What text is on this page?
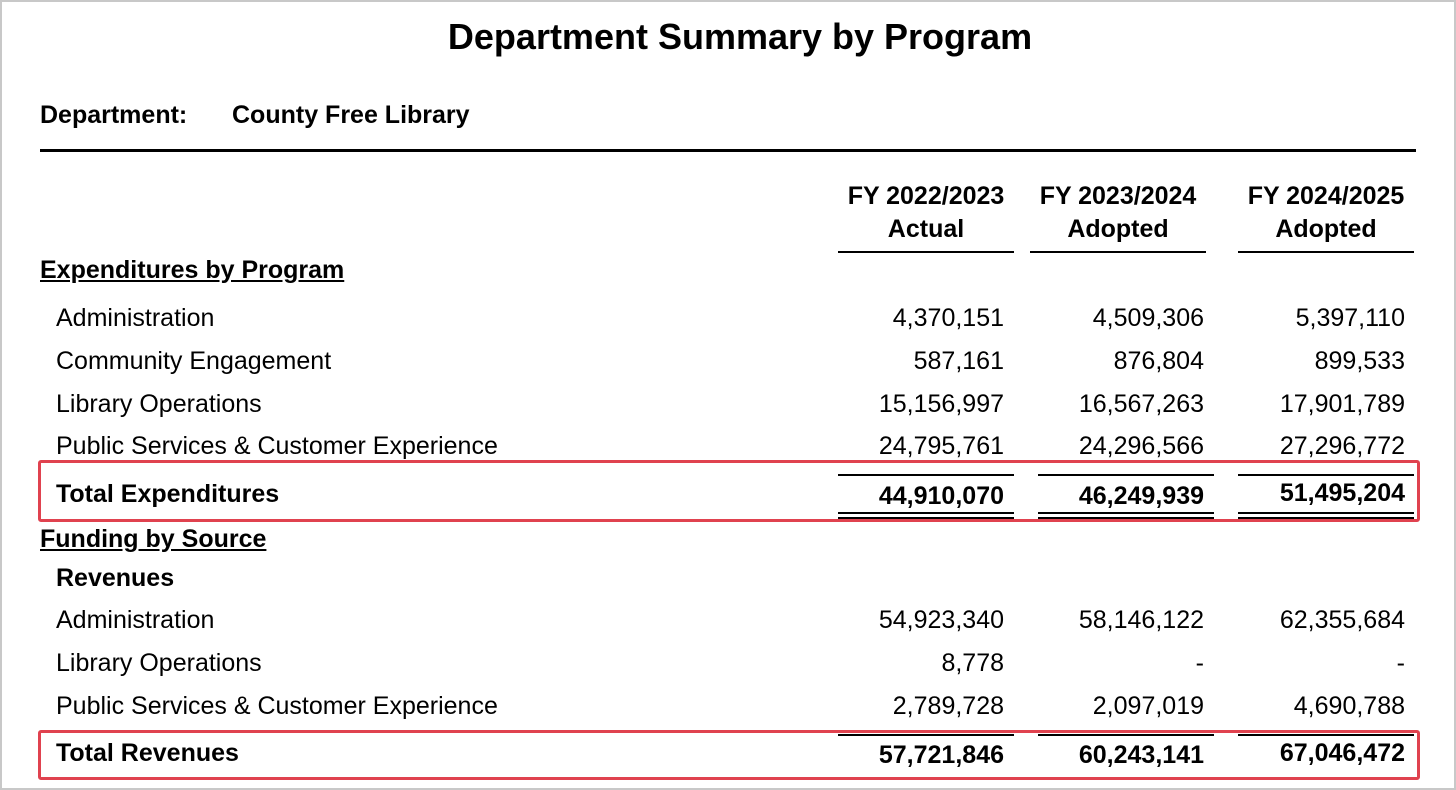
Department Summary by Program
Department: County Free Library
FY 2022/2023
Actual
FY 2023/2024
Adopted
FY 2024/2025
Adopted
Expenditures by Program
Administration	4,370,151	4,509,306	5,397,110
Community Engagement	587,161	876,804	899,533
Library Operations	15,156,997	16,567,263	17,901,789
Public Services & Customer Experience	24,795,761	24,296,566	27,296,772
Total Expenditures	44,910,070	46,249,939	51,495,204
Funding by Source
Revenues
Administration	54,923,340	58,146,122	62,355,684
Library Operations	8,778	-	-
Public Services & Customer Experience	2,789,728	2,097,019	4,690,788
Total Revenues	57,721,846	60,243,141	67,046,472
